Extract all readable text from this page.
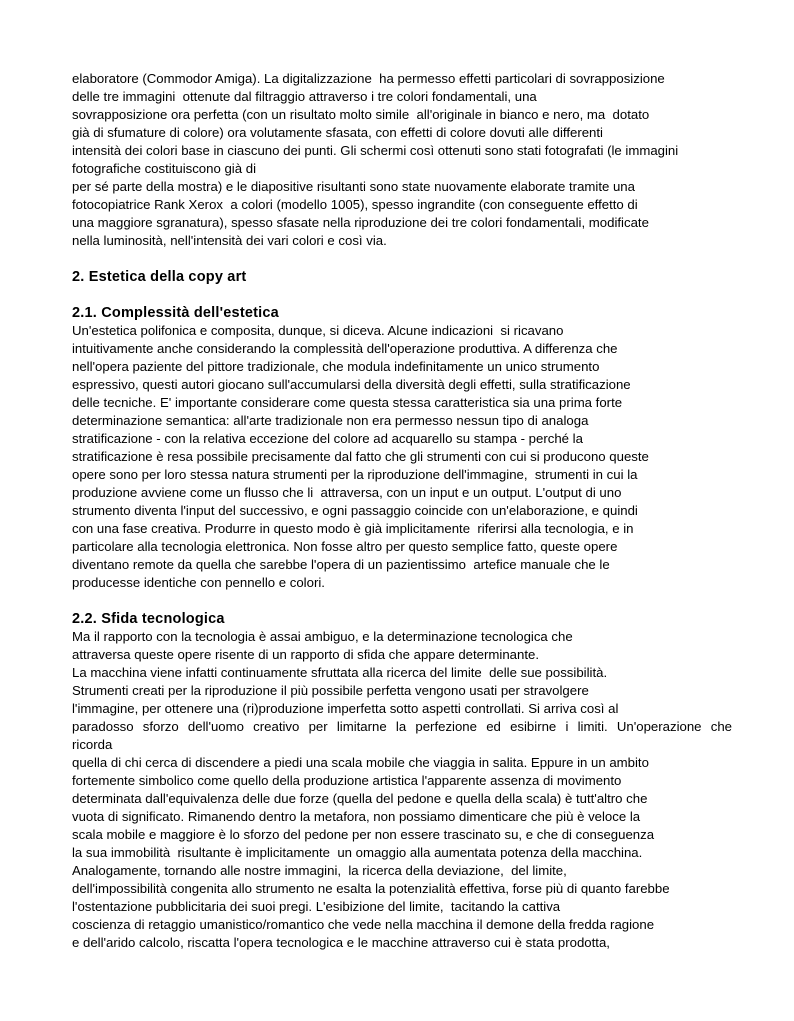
elaboratore (Commodor Amiga). La digitalizzazione  ha permesso effetti particolari di sovrapposizione
delle tre immagini  ottenute dal filtraggio attraverso i tre colori fondamentali, una
sovrapposizione ora perfetta (con un risultato molto simile  all'originale in bianco e nero, ma  dotato
già di sfumature di colore) ora volutamente sfasata, con effetti di colore dovuti alle differenti
intensità dei colori base in ciascuno dei punti. Gli schermi così ottenuti sono stati fotografati (le immagini
fotografiche costituiscono già di
per sé parte della mostra) e le diapositive risultanti sono state nuovamente elaborate tramite una
fotocopiatrice Rank Xerox  a colori (modello 1005), spesso ingrandite (con conseguente effetto di
una maggiore sgranatura), spesso sfasate nella riproduzione dei tre colori fondamentali, modificate
nella luminosità, nell'intensità dei vari colori e così via.
2. Estetica della copy art
2.1. Complessità dell'estetica
Un'estetica polifonica e composita, dunque, si diceva. Alcune indicazioni  si ricavano
intuitivamente anche considerando la complessità dell'operazione produttiva. A differenza che
nell'opera paziente del pittore tradizionale, che modula indefinitamente un unico strumento
espressivo, questi autori giocano sull'accumularsi della diversità degli effetti, sulla stratificazione
delle tecniche. E' importante considerare come questa stessa caratteristica sia una prima forte
determinazione semantica: all'arte tradizionale non era permesso nessun tipo di analoga
stratificazione - con la relativa eccezione del colore ad acquarello su stampa - perché la
stratificazione è resa possibile precisamente dal fatto che gli strumenti con cui si producono queste
opere sono per loro stessa natura strumenti per la riproduzione dell'immagine,  strumenti in cui la
produzione avviene come un flusso che li  attraversa, con un input e un output. L'output di uno
strumento diventa l'input del successivo, e ogni passaggio coincide con un'elaborazione, e quindi
con una fase creativa. Produrre in questo modo è già implicitamente  riferirsi alla tecnologia, e in
particolare alla tecnologia elettronica. Non fosse altro per questo semplice fatto, queste opere
diventano remote da quella che sarebbe l'opera di un pazientissimo  artefice manuale che le
producesse identiche con pennello e colori.
2.2. Sfida tecnologica
Ma il rapporto con la tecnologia è assai ambiguo, e la determinazione tecnologica che
attraversa queste opere risente di un rapporto di sfida che appare determinante.
La macchina viene infatti continuamente sfruttata alla ricerca del limite  delle sue possibilità.
Strumenti creati per la riproduzione il più possibile perfetta vengono usati per stravolgere
l'immagine, per ottenere una (ri)produzione imperfetta sotto aspetti controllati. Si arriva così al
paradosso sforzo dell'uomo creativo per limitarne la perfezione ed esibirne i limiti. Un'operazione che
ricorda
quella di chi cerca di discendere a piedi una scala mobile che viaggia in salita. Eppure in un ambito
fortemente simbolico come quello della produzione artistica l'apparente assenza di movimento
determinata dall'equivalenza delle due forze (quella del pedone e quella della scala) è tutt'altro che
vuota di significato. Rimanendo dentro la metafora, non possiamo dimenticare che più è veloce la
scala mobile e maggiore è lo sforzo del pedone per non essere trascinato su, e che di conseguenza
la sua immobilità  risultante è implicitamente  un omaggio alla aumentata potenza della macchina.
Analogamente, tornando alle nostre immagini,  la ricerca della deviazione,  del limite,
dell'impossibilità congenita allo strumento ne esalta la potenzialità effettiva, forse più di quanto farebbe
l'ostentazione pubblicitaria dei suoi pregi. L'esibizione del limite,  tacitando la cattiva
coscienza di retaggio umanistico/romantico che vede nella macchina il demone della fredda ragione
e dell'arido calcolo, riscatta l'opera tecnologica e le macchine attraverso cui è stata prodotta,
